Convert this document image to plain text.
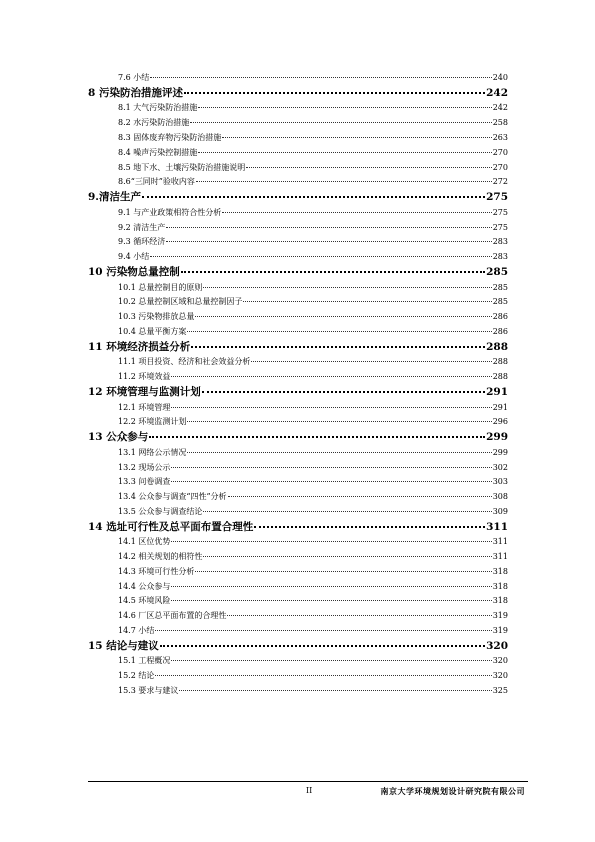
7.6 小结	240
8 污染防治措施评述	242
8.1 大气污染防治措施	242
8.2 水污染防治措施	258
8.3 固体废弃物污染防治措施	263
8.4 噪声污染控制措施	270
8.5 地下水、土壤污染防治措施说明	270
8.6“三同时”验收内容	272
9.清洁生产	275
9.1 与产业政策相符合性分析	275
9.2 清洁生产	275
9.3 循环经济	283
9.4 小结	283
10 污染物总量控制	285
10.1 总量控制目的原则	285
10.2 总量控制区域和总量控制因子	285
10.3 污染物排放总量	286
10.4 总量平衡方案	286
11 环境经济损益分析	288
11.1 项目投资、经济和社会效益分析	288
11.2 环境效益	288
12 环境管理与监测计划	291
12.1 环境管理	291
12.2 环境监测计划	296
13 公众参与	299
13.1 网络公示情况	299
13.2 现场公示	302
13.3 问卷调查	303
13.4 公众参与调查“四性”分析	308
13.5 公众参与调查结论	309
14 选址可行性及总平面布置合理性	311
14.1 区位优势	311
14.2 相关规划的相符性	311
14.3 环境可行性分析	318
14.4 公众参与	318
14.5 环境风险	318
14.6 厂区总平面布置的合理性	319
14.7 小结	319
15 结论与建议	320
15.1 工程概况	320
15.2 结论	320
15.3 要求与建议	325
II	南京大学环境规划设计研究院有限公司
